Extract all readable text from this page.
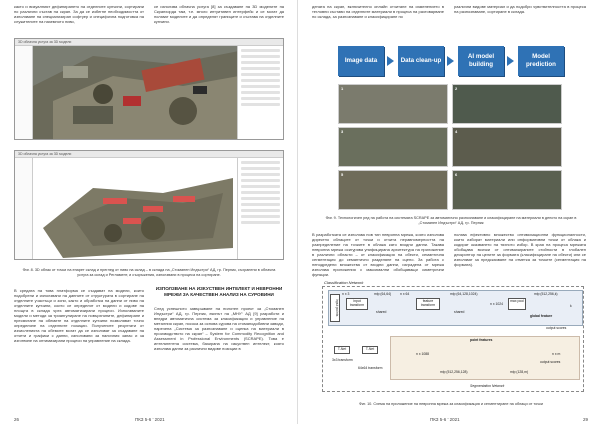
както и визуалният дефинирането на отделните купчини, сортирани по различни състав на скрап. За да се избегне необходимостта от използване на специализиран софтуер и специфична подготовка на служителите на наземното ниво,
се използва облачна услуга [8] за създаване на 3D моделите на Скрапхорда там, т.е. много интуитивен интерфейс и се могат да ползват моделите и да определят границите и състава на отделните купчини.
3D облачна услуга за 3D модели
3D облачна услуга за 3D модели
Фиг. 8. 3D облак от точки на епарет склад и преглед от ниво на склад – в склада на „Стоманен Индъстри“ АД, гр. Перник, съхранени в облачна услуга за склад и Регламент, и съоръжения, използвани в процеса на сортиране.
В средата на това платформа се създават на модели, които подобрени и използвани на данните от структурата в сортиране на отделните участъци и зони, както и обработка на данни от ниво на отделните купчини, които се определят от модели и кодове на площта в склада чрез автоматизирани процеси. Използваните модели и методи за триангулиране на повърхнините, дефиниране и пресмятане на обемите на отделните купчини позволяват точно определяне на отделните позиции. Получените резултати от изчисленията на обемите могат да се използват за създаване на отчети и графики с данни, използвани за наличния запас и за изготвяне на оптимизирани процеси на управление на склада.
ИЗПОЛЗВАНЕ НА ИЗКУСТВЕН ИНТЕЛЕКТ И НЕВРОННИ МРЕЖИ ЗА КАЧЕСТВЕН АНАЛИЗ НА СУРОВИНИ
След успешното завършване на пилотен проект за „Стоманен Индъстри“ АД, гр. Перник, екипът на „МНУ“ АД [9] разработи и внедри автоматична система за класификация и управление на металния скрап, посока за основа сурова на стоманодобивни заводи, наречена „Система за разпознаване и оценка на материали в производството на скрап“ – System for Commodity Recognition and Assessment in Professional Environments (SCRAPE). Това е интелигентна система, базирана на изкуствен интелект, която използва данни за различни видове позиции в
26	ПКЗ 5-6 ’ 2021
депата на скрап, включително онлайн отчитане на изменението в тегловни състави на отделните материали в процеса на разтоварване по склада, за разпознаване и класифициране по
различни видове материал и да подобри чувствителността в процеса на разпознаване, сортиране в склада.
Image data	Data clean-up
AI model building
Model prediction
1	2
3	4
5	6
Фиг. 9. Технологичен ред на работа на системата SCRAPE за автоматично разпознаване и класифициране на материали в депото на скрап в „Стоманен Индъстри“ АД, гр. Перник
В разработката се използва нов тип невронна мрежа, която използва директно облаците от точки и отчита неравномерността на разпределение на точките в облака като входни данни. Такава невронна мрежа осигурява унифицирана архитектура на приложение в различни области – от класификация на обекти, семантична сегментация до семантично разделяне на сцено. За работа с неподредени множества от входни данни, изградена от мрежа използва приложения с максимални обобщаващи симетрични функции.
ползва ефективно множество оптимизационни функционалности, които избират материали или информативни точки от облака и кодират оказването на тяхното избор. В края на процеса мрежата обобщава всички от оптимизираните стойности в глобален дескриптор на целите за формата (класифициране на обекти) или се използват за предсказване на отметка за точките (сегментация на формата).
Classification Network
input points
n x 3
input transform
mlp (64,64)
shared
n x 64
feature transform
mlp (64,128,1024)
shared
n x 1024
max pool
global feature
mlp (512,256,k)
k
output scores
T-Net
3x3 transform
T-Net
64x64 transform
point features
n x 1088
mlp (512,256,128)	mlp (128,m)
n x m
output scores
Segmentation Network
Фиг. 10. Схема на приложение на невронна мрежа за класификация и сегментиране на облаци от точки
ПКЗ 5-6 ’ 2021	29
